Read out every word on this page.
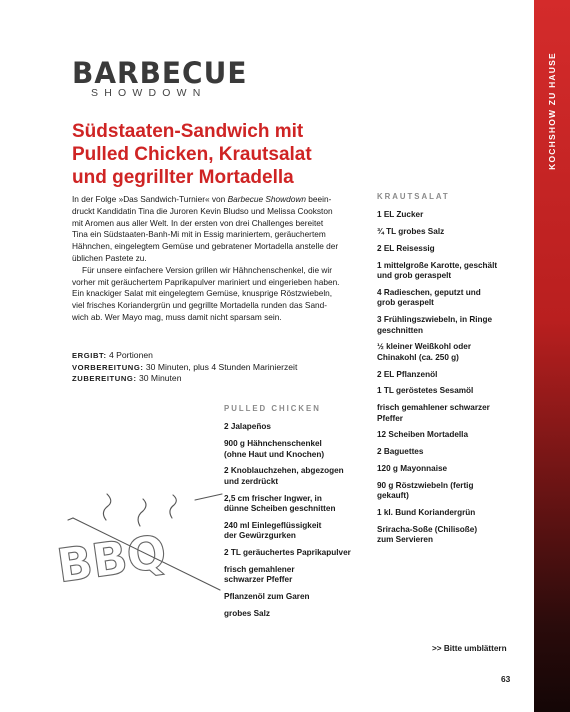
KOCHSHOW ZU HAUSE
BARBECUE
SHOWDOWN
Südstaaten-Sandwich mit
Pulled Chicken, Krautsalat
und gegrillter Mortadella
In der Folge »Das Sandwich-Turnier« von Barbecue Showdown beein-
druckt Kandidatin Tina die Juroren Kevin Bludso und Melissa Cookston
mit Aromen aus aller Welt. In der ersten von drei Challenges bereitet
Tina ein Südstaaten-Banh-Mi mit in Essig mariniertem, geräuchertem
Hähnchen, eingelegtem Gemüse und gebratener Mortadella anstelle der
üblichen Pastete zu.
Für unsere einfachere Version grillen wir Hähnchenschenkel, die wir
vorher mit geräuchertem Paprikapulver mariniert und eingerieben haben.
Ein knackiger Salat mit eingelegtem Gemüse, knusprige Röstzwiebeln,
viel frisches Koriandergrün und gegrillte Mortadella runden das Sand-
wich ab. Wer Mayo mag, muss damit nicht sparsam sein.
ERGIBT: 4 Portionen
VORBEREITUNG: 30 Minuten, plus 4 Stunden Marinierzeit
ZUBEREITUNG: 30 Minuten
PULLED CHICKEN
2 Jalapeños
900 g Hähnchenschenkel
(ohne Haut und Knochen)
2 Knoblauchzehen, abgezogen
und zerdrückt
2,5 cm frischer Ingwer, in
dünne Scheiben geschnitten
240 ml Einlegeflüssigkeit
der Gewürzgurken
2 TL geräuchertes Paprikapulver
frisch gemahlener
schwarzer Pfeffer
Pflanzenöl zum Garen
grobes Salz
KRAUTSALAT
1 EL Zucker
¾ TL grobes Salz
2 EL Reisessig
1 mittelgroße Karotte, geschält
und grob geraspelt
4 Radieschen, geputzt und
grob geraspelt
3 Frühlingszwiebeln, in Ringe
geschnitten
½ kleiner Weißkohl oder
Chinakohl (ca. 250 g)
2 EL Pflanzenöl
1 TL geröstetes Sesamöl
frisch gemahlener schwarzer
Pfeffer
12 Scheiben Mortadella
2 Baguettes
120 g Mayonnaise
90 g Röstzwiebeln (fertig
gekauft)
1 kl. Bund Koriandergrün
Sriracha-Soße (Chilisoße)
zum Servieren
BBQ
>> Bitte umblättern
63
